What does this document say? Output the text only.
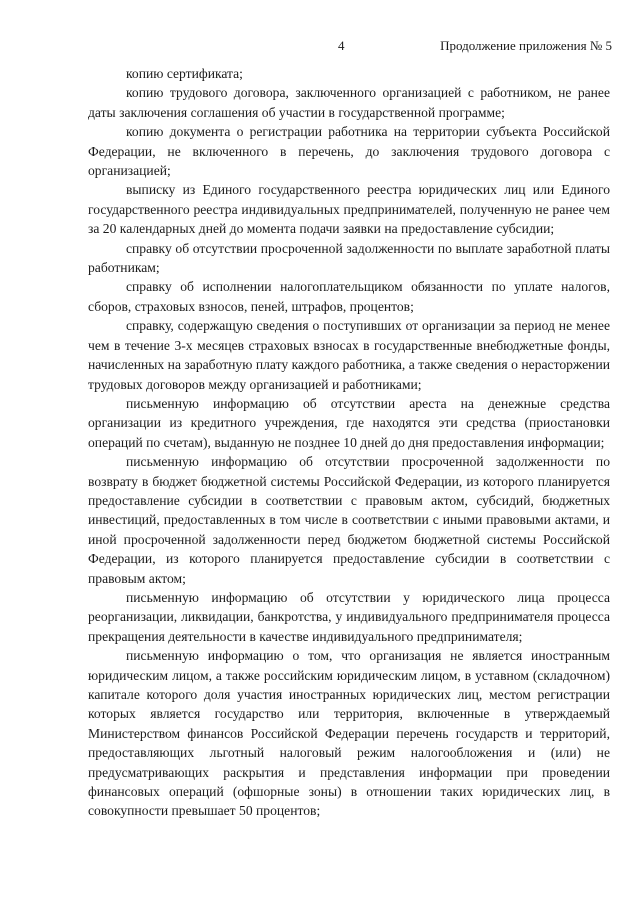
4	Продолжение приложения № 5

копию сертификата;

копию трудового договора, заключенного организацией с работником, не ранее даты заключения соглашения об участии в государственной программе;

копию документа о регистрации работника на территории субъекта Российской Федерации, не включенного в перечень, до заключения трудового договора с организацией;

выписку из Единого государственного реестра юридических лиц или Единого государственного реестра индивидуальных предпринимателей, полученную не ранее чем за 20 календарных дней до момента подачи заявки на предоставление субсидии;

справку об отсутствии просроченной задолженности по выплате заработной платы работникам;

справку об исполнении налогоплательщиком обязанности по уплате налогов, сборов, страховых взносов, пеней, штрафов, процентов;

справку, содержащую сведения о поступивших от организации за период не менее чем в течение 3-х месяцев страховых взносах в государственные внебюджетные фонды, начисленных на заработную плату каждого работника, а также сведения о нерасторжении трудовых договоров между организацией и работниками;

письменную информацию об отсутствии ареста на денежные средства организации из кредитного учреждения, где находятся эти средства (приостановки операций по счетам), выданную не позднее 10 дней до дня предоставления информации;

письменную информацию об отсутствии просроченной задолженности по возврату в бюджет бюджетной системы Российской Федерации, из которого планируется предоставление субсидии в соответствии с правовым актом, субсидий, бюджетных инвестиций, предоставленных в том числе в соответствии с иными правовыми актами, и иной просроченной задолженности перед бюджетом бюджетной системы Российской Федерации, из которого планируется предоставление субсидии в соответствии с правовым актом;

письменную информацию об отсутствии у юридического лица процесса реорганизации, ликвидации, банкротства, у индивидуального предпринимателя процесса прекращения деятельности в качестве индивидуального предпринимателя;

письменную информацию о том, что организация не является иностранным юридическим лицом, а также российским юридическим лицом, в уставном (складочном) капитале которого доля участия иностранных юридических лиц, местом регистрации которых является государство или территория, включенные в утверждаемый Министерством финансов Российской Федерации перечень государств и территорий, предоставляющих льготный налоговый режим налогообложения и (или) не предусматривающих раскрытия и представления информации при проведении финансовых операций (офшорные зоны) в отношении таких юридических лиц, в совокупности превышает 50 процентов;
